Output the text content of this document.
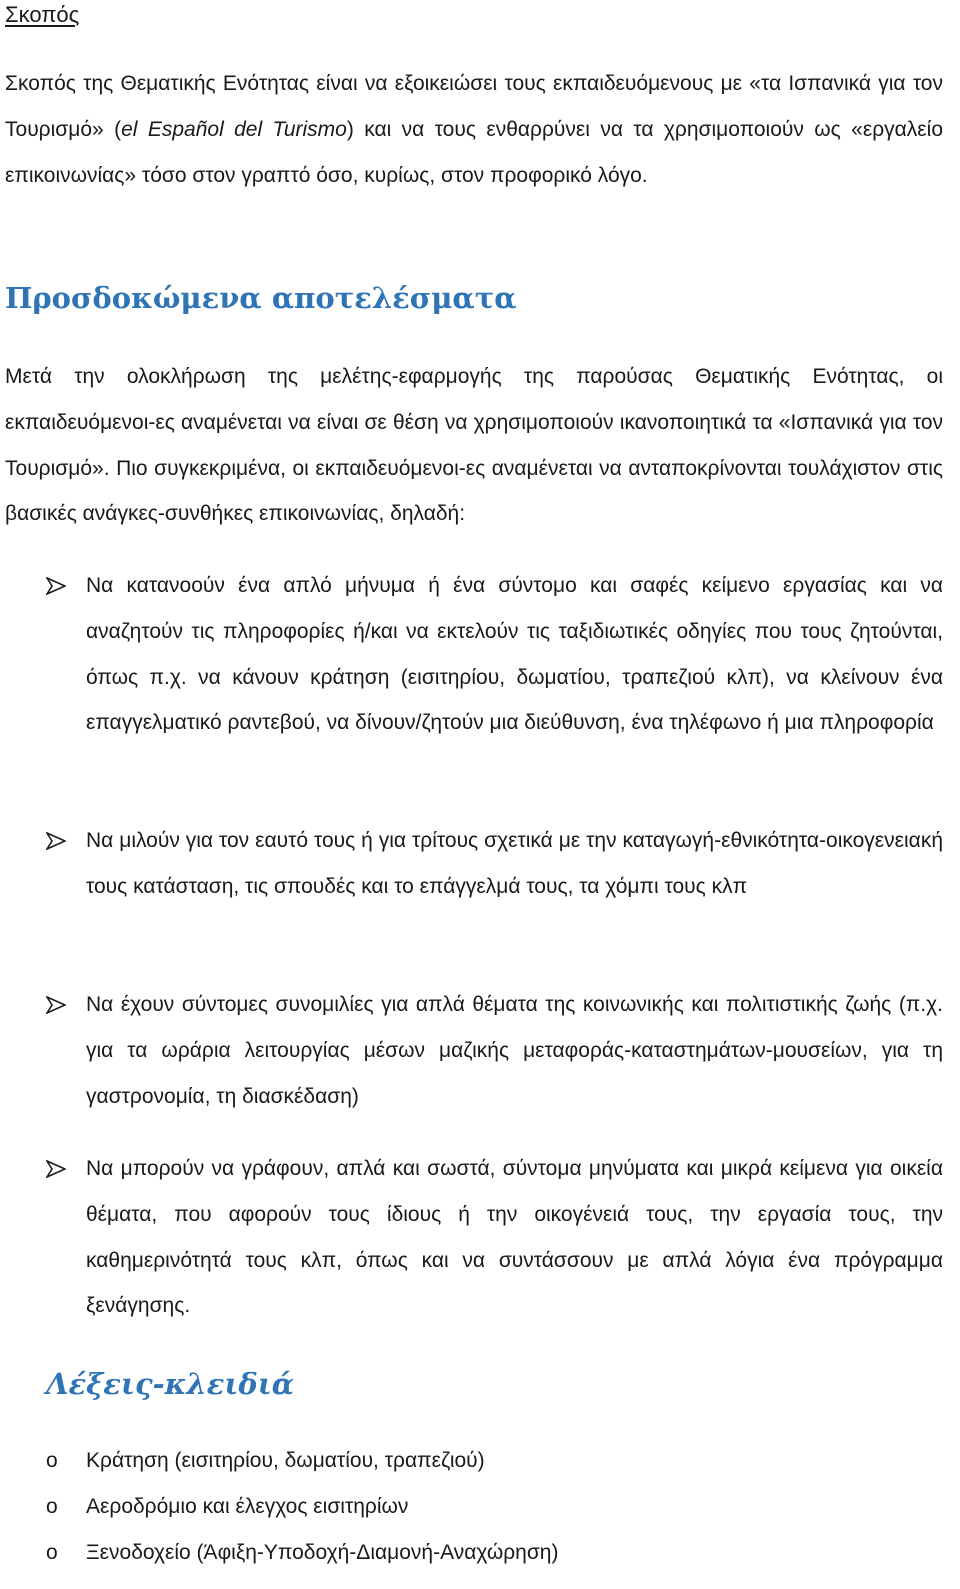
Σκοπός

Σκοπός της Θεματικής Ενότητας είναι να εξοικειώσει τους εκπαιδευόμενους με «τα Ισπανικά για τον Τουρισμό» (el Español del Turismo) και να τους ενθαρρύνει να τα χρησιμοποιούν ως «εργαλείο επικοινωνίας» τόσο στον γραπτό όσο, κυρίως, στον προφορικό λόγο.

Προσδοκώμενα αποτελέσματα

Μετά την ολοκλήρωση της μελέτης-εφαρμογής της παρούσας Θεματικής Ενότητας, οι εκπαιδευόμενοι-ες αναμένεται να είναι σε θέση να χρησιμοποιούν ικανοποιητικά τα «Ισπανικά για τον Τουρισμό». Πιο συγκεκριμένα, οι εκπαιδευόμενοι-ες αναμένεται να ανταποκρίνονται τουλάχιστον στις βασικές ανάγκες-συνθήκες επικοινωνίας, δηλαδή:

Να κατανοούν ένα απλό μήνυμα ή ένα σύντομο και σαφές κείμενο εργασίας και να αναζητούν τις πληροφορίες ή/και να εκτελούν τις ταξιδιωτικές οδηγίες που τους ζητούνται, όπως π.χ. να κάνουν κράτηση (εισιτηρίου, δωματίου, τραπεζιού κλπ), να κλείνουν ένα επαγγελματικό ραντεβού, να δίνουν/ζητούν μια διεύθυνση, ένα τηλέφωνο ή μια πληροφορία
Να μιλούν για τον εαυτό τους ή για τρίτους σχετικά με την καταγωγή-εθνικότητα-οικογενειακή τους κατάσταση, τις σπουδές και το επάγγελμά τους, τα χόμπι τους κλπ
Να έχουν σύντομες συνομιλίες για απλά θέματα της κοινωνικής και πολιτιστικής ζωής (π.χ. για τα ωράρια λειτουργίας μέσων μαζικής μεταφοράς-καταστημάτων-μουσείων, για τη γαστρονομία, τη διασκέδαση)
Να μπορούν να γράφουν, απλά και σωστά, σύντομα μηνύματα και μικρά κείμενα για οικεία θέματα, που αφορούν τους ίδιους ή την οικογένειά τους, την εργασία τους, την καθημερινότητά τους κλπ, όπως και να συντάσσουν με απλά λόγια ένα πρόγραμμα ξενάγησης.
Λέξεις-κλειδιά
o Κράτηση (εισιτηρίου, δωματίου, τραπεζιού)
o Αεροδρόμιο και έλεγχος εισιτηρίων
o Ξενοδοχείο (Άφιξη-Υποδοχή-Διαμονή-Αναχώρηση)
